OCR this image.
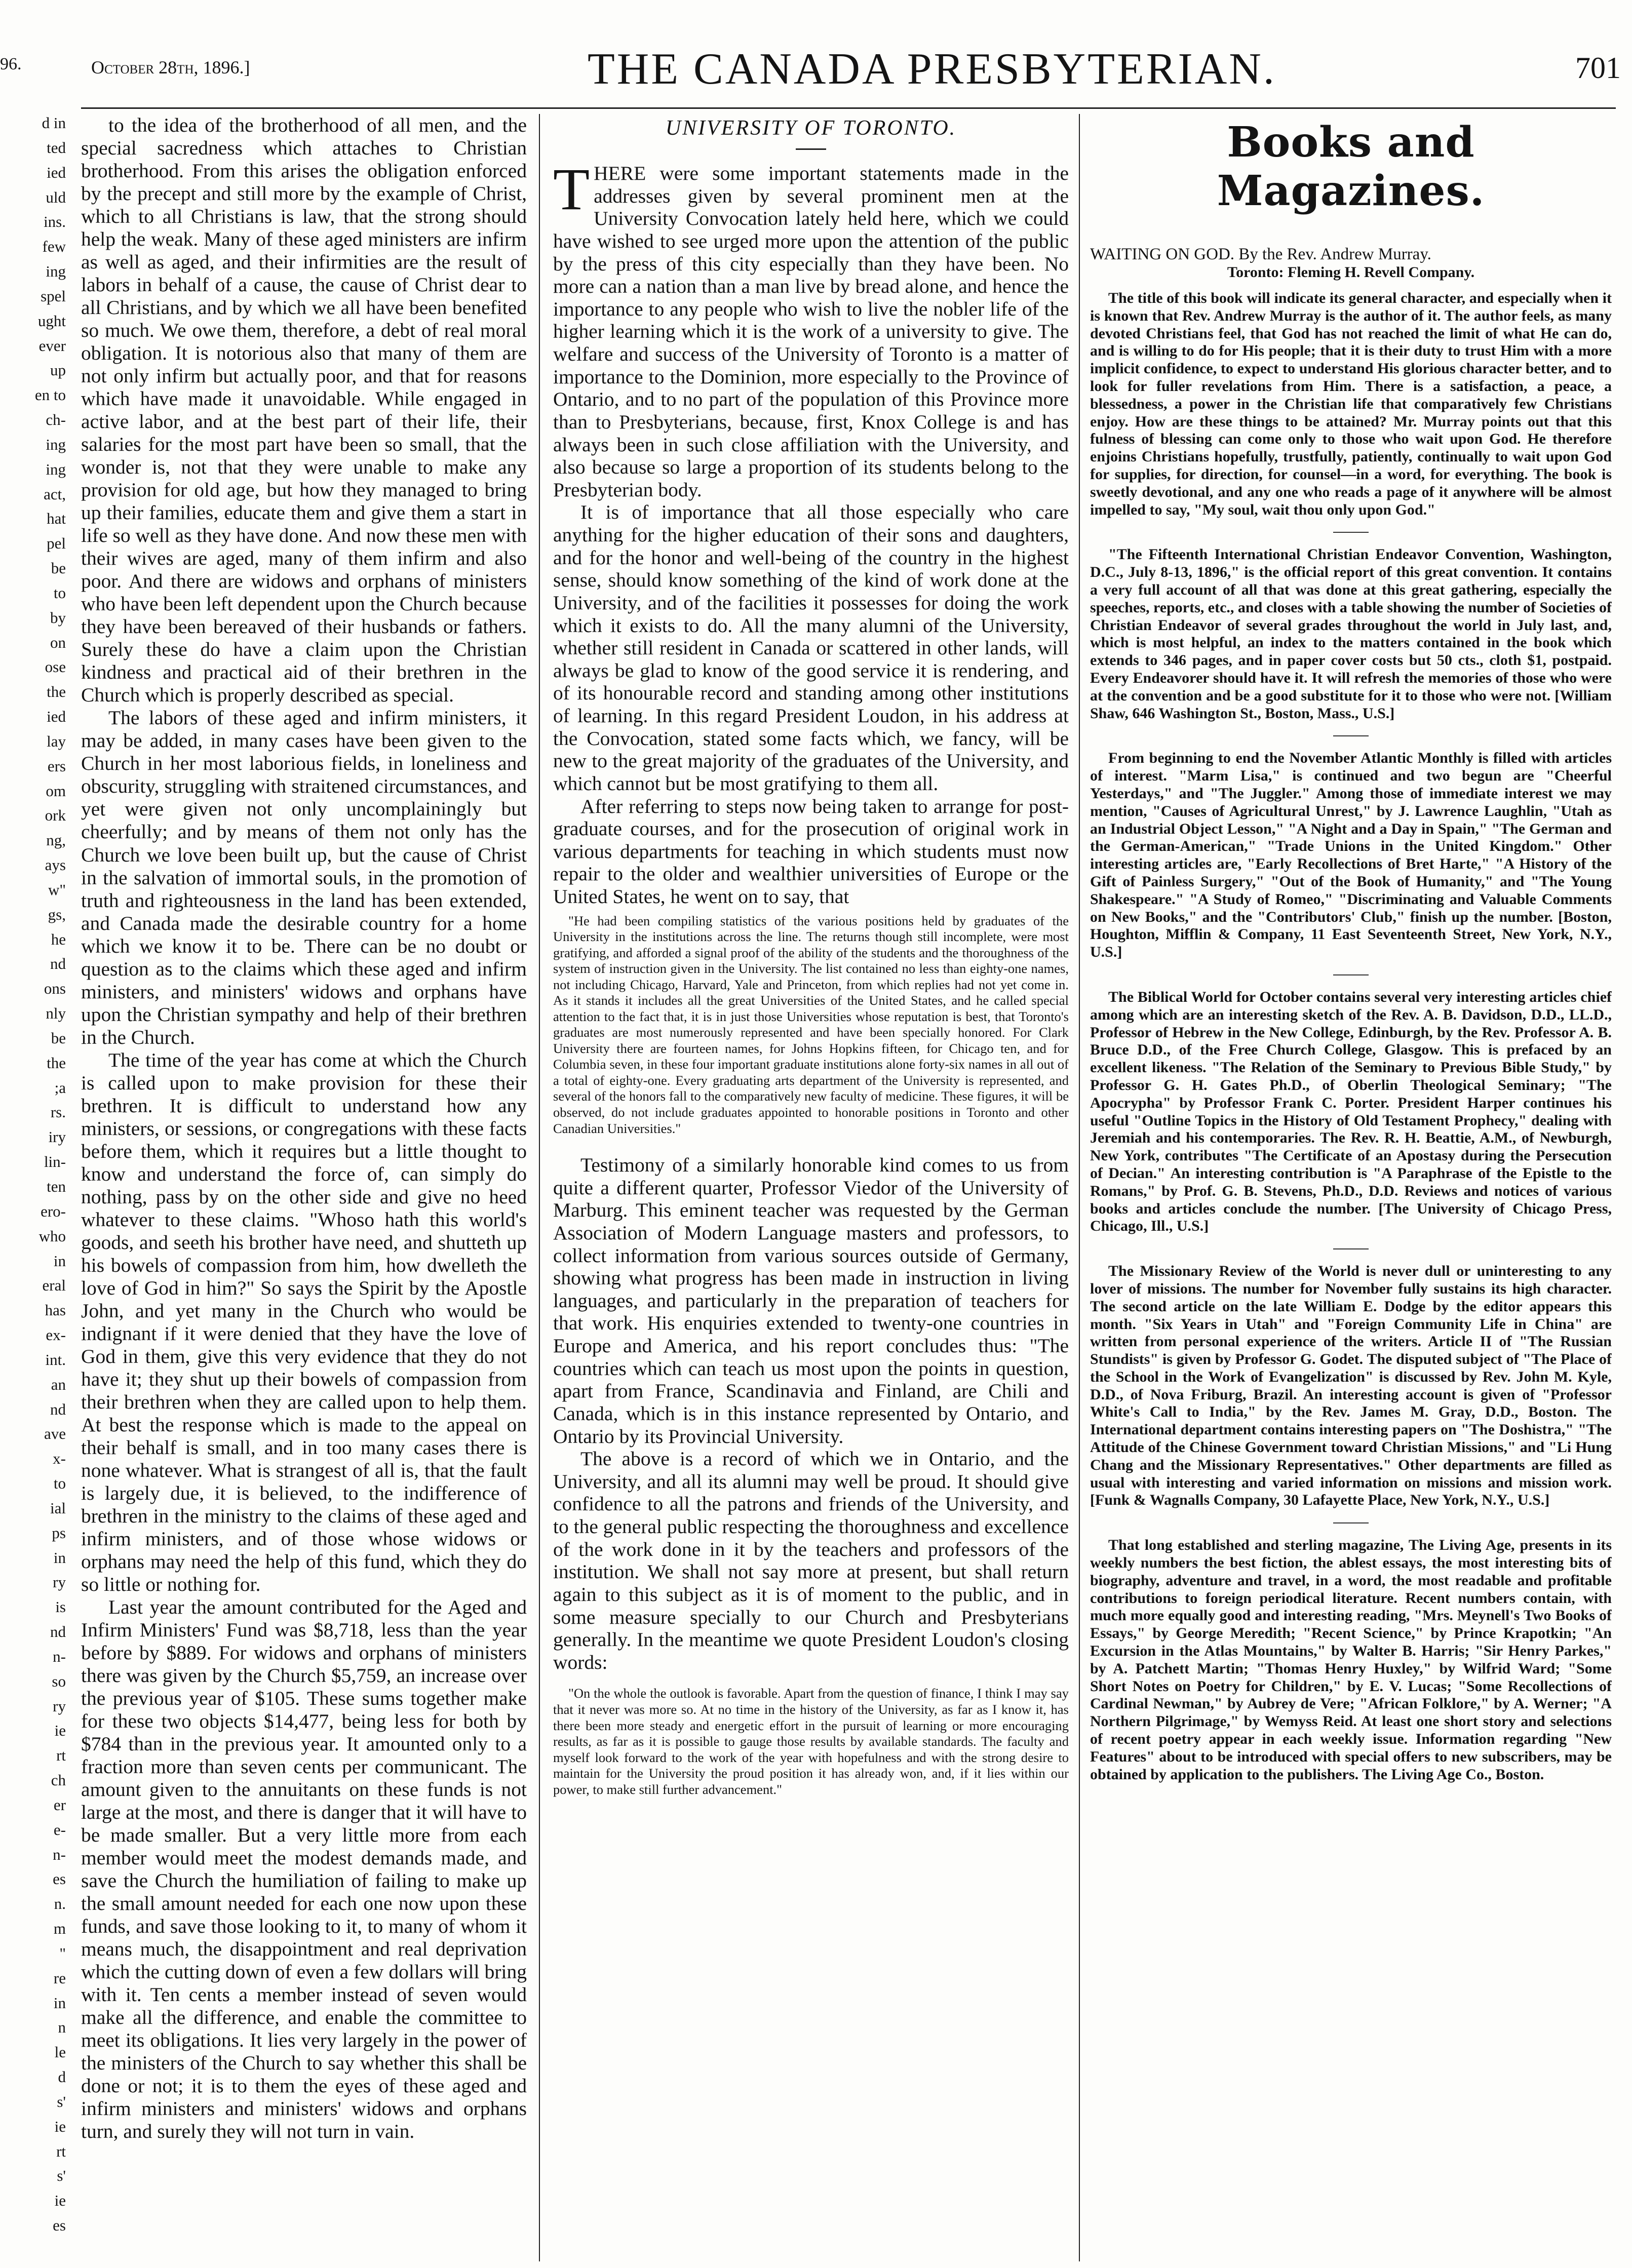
96.	October 28th, 1896.]	THE CANADA PRESBYTERIAN.	701
d in
ted
ied
uld
ins.
few
ing
spel
ught
ever
up
en to
ch-
ing
ing
act,
hat
pel
be
to
by
on
ose
the
ied
lay
ers
om
ork
ng,
ays
w"
gs,
he
nd
ons
nly
be
the
;a
rs.
iry
lin-
ten
ero-
who
in
eral
has
ex-
int.
an
nd
ave
x-
to
ial
ps
in
ry
is
nd
n-
so
ry
ie
rt
ch
er
e-
n-
es
n.
m
"
re
in
n
le
d
s'
ie
rt
s'
ie
es

to the idea of the brotherhood of all men, and the special sacredness which attaches to Christian brotherhood. From this arises the obligation enforced by the precept and still more by the example of Christ, which to all Christians is law, that the strong should help the weak. Many of these aged ministers are infirm as well as aged, and their infirmities are the result of labors in behalf of a cause, the cause of Christ dear to all Christians, and by which we all have been benefited so much. We owe them, therefore, a debt of real moral obligation. It is notorious also that many of them are not only infirm but actually poor, and that for reasons which have made it unavoidable. While engaged in active labor, and at the best part of their life, their salaries for the most part have been so small, that the wonder is, not that they were unable to make any provision for old age, but how they managed to bring up their families, educate them and give them a start in life so well as they have done. And now these men with their wives are aged, many of them infirm and also poor. And there are widows and orphans of ministers who have been left dependent upon the Church because they have been bereaved of their husbands or fathers. Surely these do have a claim upon the Christian kindness and practical aid of their brethren in the Church which is properly described as special.

The labors of these aged and infirm ministers, it may be added, in many cases have been given to the Church in her most laborious fields, in loneliness and obscurity, struggling with straitened circumstances, and yet were given not only uncomplainingly but cheerfully; and by means of them not only has the Church we love been built up, but the cause of Christ in the salvation of immortal souls, in the promotion of truth and righteousness in the land has been extended, and Canada made the desirable country for a home which we know it to be. There can be no doubt or question as to the claims which these aged and infirm ministers, and ministers' widows and orphans have upon the Christian sympathy and help of their brethren in the Church.

The time of the year has come at which the Church is called upon to make provision for these their brethren. It is difficult to understand how any ministers, or sessions, or congregations with these facts before them, which it requires but a little thought to know and understand the force of, can simply do nothing, pass by on the other side and give no heed whatever to these claims. "Whoso hath this world's goods, and seeth his brother have need, and shutteth up his bowels of compassion from him, how dwelleth the love of God in him?" So says the Spirit by the Apostle John, and yet many in the Church who would be indignant if it were denied that they have the love of God in them, give this very evidence that they do not have it; they shut up their bowels of compassion from their brethren when they are called upon to help them. At best the response which is made to the appeal on their behalf is small, and in too many cases there is none whatever. What is strangest of all is, that the fault is largely due, it is believed, to the indifference of brethren in the ministry to the claims of these aged and infirm ministers, and of those whose widows or orphans may need the help of this fund, which they do so little or nothing for.

Last year the amount contributed for the Aged and Infirm Ministers' Fund was $8,718, less than the year before by $889. For widows and orphans of ministers there was given by the Church $5,759, an increase over the previous year of $105. These sums together make for these two objects $14,477, being less for both by $784 than in the previous year. It amounted only to a fraction more than seven cents per communicant. The amount given to the annuitants on these funds is not large at the most, and there is danger that it will have to be made smaller. But a very little more from each member would meet the modest demands made, and save the Church the humiliation of failing to make up the small amount needed for each one now upon these funds, and save those looking to it, to many of whom it means much, the disappointment and real deprivation which the cutting down of even a few dollars will bring with it. Ten cents a member instead of seven would make all the difference, and enable the committee to meet its obligations. It lies very largely in the power of the ministers of the Church to say whether this shall be done or not; it is to them the eyes of these aged and infirm ministers and ministers' widows and orphans turn, and surely they will not turn in vain.

UNIVERSITY OF TORONTO.

THERE were some important statements made in the addresses given by several prominent men at the University Convocation lately held here, which we could have wished to see urged more upon the attention of the public by the press of this city especially than they have been. No more can a nation than a man live by bread alone, and hence the importance to any people who wish to live the nobler life of the higher learning which it is the work of a university to give. The welfare and success of the University of Toronto is a matter of importance to the Dominion, more especially to the Province of Ontario, and to no part of the population of this Province more than to Presbyterians, because, first, Knox College is and has always been in such close affiliation with the University, and also because so large a proportion of its students belong to the Presbyterian body.

It is of importance that all those especially who care anything for the higher education of their sons and daughters, and for the honor and well-being of the country in the highest sense, should know something of the kind of work done at the University, and of the facilities it possesses for doing the work which it exists to do. All the many alumni of the University, whether still resident in Canada or scattered in other lands, will always be glad to know of the good service it is rendering, and of its honourable record and standing among other institutions of learning. In this regard President Loudon, in his address at the Convocation, stated some facts which, we fancy, will be new to the great majority of the graduates of the University, and which cannot but be most gratifying to them all.

After referring to steps now being taken to arrange for post-graduate courses, and for the prosecution of original work in various departments for teaching in which students must now repair to the older and wealthier universities of Europe or the United States, he went on to say, that

"He had been compiling statistics of the various positions held by graduates of the University in the institutions across the line. The returns though still incomplete, were most gratifying, and afforded a signal proof of the ability of the students and the thoroughness of the system of instruction given in the University. The list contained no less than eighty-one names, not including Chicago, Harvard, Yale and Princeton, from which replies had not yet come in. As it stands it includes all the great Universities of the United States, and he called special attention to the fact that, it is in just those Universities whose reputation is best, that Toronto's graduates are most numerously represented and have been specially honored. For Clark University there are fourteen names, for Johns Hopkins fifteen, for Chicago ten, and for Columbia seven, in these four important graduate institutions alone forty-six names in all out of a total of eighty-one. Every graduating arts department of the University is represented, and several of the honors fall to the comparatively new faculty of medicine. These figures, it will be observed, do not include graduates appointed to honorable positions in Toronto and other Canadian Universities."

Testimony of a similarly honorable kind comes to us from quite a different quarter, Professor Viedor of the University of Marburg. This eminent teacher was requested by the German Association of Modern Language masters and professors, to collect information from various sources outside of Germany, showing what progress has been made in instruction in living languages, and particularly in the preparation of teachers for that work. His enquiries extended to twenty-one countries in Europe and America, and his report concludes thus: "The countries which can teach us most upon the points in question, apart from France, Scandinavia and Finland, are Chili and Canada, which is in this instance represented by Ontario, and Ontario by its Provincial University.

The above is a record of which we in Ontario, and the University, and all its alumni may well be proud. It should give confidence to all the patrons and friends of the University, and to the general public respecting the thoroughness and excellence of the work done in it by the teachers and professors of the institution. We shall not say more at present, but shall return again to this subject as it is of moment to the public, and in some measure specially to our Church and Presbyterians generally. In the meantime we quote President Loudon's closing words:

"On the whole the outlook is favorable. Apart from the question of finance, I think I may say that it never was more so. At no time in the history of the University, as far as I know it, has there been more steady and energetic effort in the pursuit of learning or more encouraging results, as far as it is possible to gauge those results by available standards. The faculty and myself look forward to the work of the year with hopefulness and with the strong desire to maintain for the University the proud position it has already won, and, if it lies within our power, to make still further advancement."

Books and Magazines.

WAITING ON GOD. By the Rev. Andrew Murray.

Toronto: Fleming H. Revell Company.

The title of this book will indicate its general character, and especially when it is known that Rev. Andrew Murray is the author of it. The author feels, as many devoted Christians feel, that God has not reached the limit of what He can do, and is willing to do for His people; that it is their duty to trust Him with a more implicit confidence, to expect to understand His glorious character better, and to look for fuller revelations from Him. There is a satisfaction, a peace, a blessedness, a power in the Christian life that comparatively few Christians enjoy. How are these things to be attained? Mr. Murray points out that this fulness of blessing can come only to those who wait upon God. He therefore enjoins Christians hopefully, trustfully, patiently, continually to wait upon God for supplies, for direction, for counsel—in a word, for everything. The book is sweetly devotional, and any one who reads a page of it anywhere will be almost impelled to say, "My soul, wait thou only upon God."

"The Fifteenth International Christian Endeavor Convention, Washington, D.C., July 8-13, 1896," is the official report of this great convention. It contains a very full account of all that was done at this great gathering, especially the speeches, reports, etc., and closes with a table showing the number of Societies of Christian Endeavor of several grades throughout the world in July last, and, which is most helpful, an index to the matters contained in the book which extends to 346 pages, and in paper cover costs but 50 cts., cloth $1, postpaid. Every Endeavorer should have it. It will refresh the memories of those who were at the convention and be a good substitute for it to those who were not. [William Shaw, 646 Washington St., Boston, Mass., U.S.]

From beginning to end the November Atlantic Monthly is filled with articles of interest. "Marm Lisa," is continued and two begun are "Cheerful Yesterdays," and "The Juggler." Among those of immediate interest we may mention, "Causes of Agricultural Unrest," by J. Lawrence Laughlin, "Utah as an Industrial Object Lesson," "A Night and a Day in Spain," "The German and the German-American," "Trade Unions in the United Kingdom." Other interesting articles are, "Early Recollections of Bret Harte," "A History of the Gift of Painless Surgery," "Out of the Book of Humanity," and "The Young Shakespeare." "A Study of Romeo," "Discriminating and Valuable Comments on New Books," and the "Contributors' Club," finish up the number. [Boston, Houghton, Mifflin & Company, 11 East Seventeenth Street, New York, N.Y., U.S.]

The Biblical World for October contains several very interesting articles chief among which are an interesting sketch of the Rev. A. B. Davidson, D.D., LL.D., Professor of Hebrew in the New College, Edinburgh, by the Rev. Professor A. B. Bruce D.D., of the Free Church College, Glasgow. This is prefaced by an excellent likeness. "The Relation of the Seminary to Previous Bible Study," by Professor G. H. Gates Ph.D., of Oberlin Theological Seminary; "The Apocrypha" by Professor Frank C. Porter. President Harper continues his useful "Outline Topics in the History of Old Testament Prophecy," dealing with Jeremiah and his contemporaries. The Rev. R. H. Beattie, A.M., of Newburgh, New York, contributes "The Certificate of an Apostasy during the Persecution of Decian." An interesting contribution is "A Paraphrase of the Epistle to the Romans," by Prof. G. B. Stevens, Ph.D., D.D. Reviews and notices of various books and articles conclude the number. [The University of Chicago Press, Chicago, Ill., U.S.]

The Missionary Review of the World is never dull or uninteresting to any lover of missions. The number for November fully sustains its high character. The second article on the late William E. Dodge by the editor appears this month. "Six Years in Utah" and "Foreign Community Life in China" are written from personal experience of the writers. Article II of "The Russian Stundists" is given by Professor G. Godet. The disputed subject of "The Place of the School in the Work of Evangelization" is discussed by Rev. John M. Kyle, D.D., of Nova Friburg, Brazil. An interesting account is given of "Professor White's Call to India," by the Rev. James M. Gray, D.D., Boston. The International department contains interesting papers on "The Doshistra," "The Attitude of the Chinese Government toward Christian Missions," and "Li Hung Chang and the Missionary Representatives." Other departments are filled as usual with interesting and varied information on missions and mission work. [Funk & Wagnalls Company, 30 Lafayette Place, New York, N.Y., U.S.]

That long established and sterling magazine, The Living Age, presents in its weekly numbers the best fiction, the ablest essays, the most interesting bits of biography, adventure and travel, in a word, the most readable and profitable contributions to foreign periodical literature. Recent numbers contain, with much more equally good and interesting reading, "Mrs. Meynell's Two Books of Essays," by George Meredith; "Recent Science," by Prince Krapotkin; "An Excursion in the Atlas Mountains," by Walter B. Harris; "Sir Henry Parkes," by A. Patchett Martin; "Thomas Henry Huxley," by Wilfrid Ward; "Some Short Notes on Poetry for Children," by E. V. Lucas; "Some Recollections of Cardinal Newman," by Aubrey de Vere; "African Folklore," by A. Werner; "A Northern Pilgrimage," by Wemyss Reid. At least one short story and selections of recent poetry appear in each weekly issue. Information regarding "New Features" about to be introduced with special offers to new subscribers, may be obtained by application to the publishers. The Living Age Co., Boston.
